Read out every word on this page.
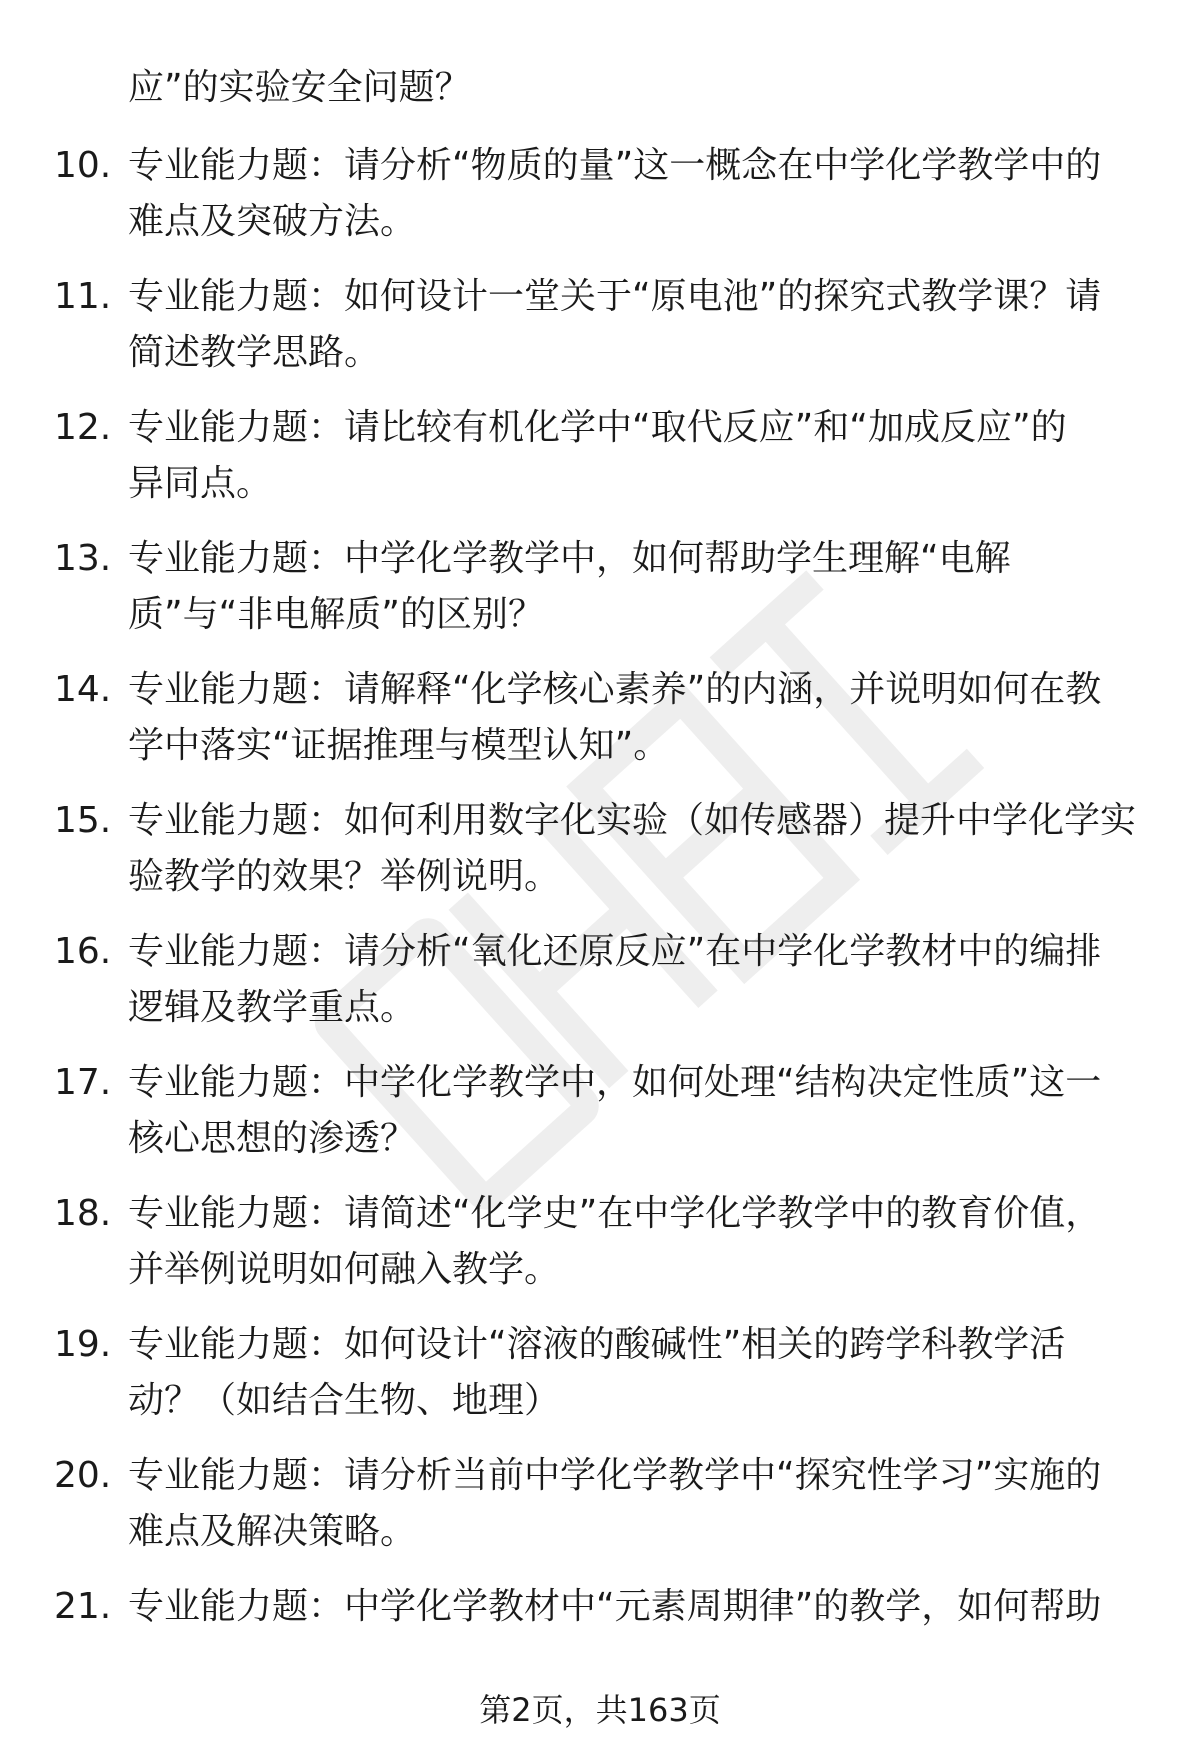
应”的实验安全问题？
10. 专业能力题：请分析“物质的量”这一概念在中学化学教学中的
难点及突破方法。
11. 专业能力题：如何设计一堂关于“原电池”的探究式教学课？请
简述教学思路。
12. 专业能力题：请比较有机化学中“取代反应”和“加成反应”的
异同点。
13. 专业能力题：中学化学教学中，如何帮助学生理解“电解
质”与“非电解质”的区别？
14. 专业能力题：请解释“化学核心素养”的内涵，并说明如何在教
学中落实“证据推理与模型认知”。
15. 专业能力题：如何利用数字化实验（如传感器）提升中学化学实
验教学的效果？举例说明。
16. 专业能力题：请分析“氧化还原反应”在中学化学教材中的编排
逻辑及教学重点。
17. 专业能力题：中学化学教学中，如何处理“结构决定性质”这一
核心思想的渗透？
18. 专业能力题：请简述“化学史”在中学化学教学中的教育价值，
并举例说明如何融入教学。
19. 专业能力题：如何设计“溶液的酸碱性”相关的跨学科教学活
动？（如结合生物、地理）
20. 专业能力题：请分析当前中学化学教学中“探究性学习”实施的
难点及解决策略。
21. 专业能力题：中学化学教材中“元素周期律”的教学，如何帮助
第2页，共163页
